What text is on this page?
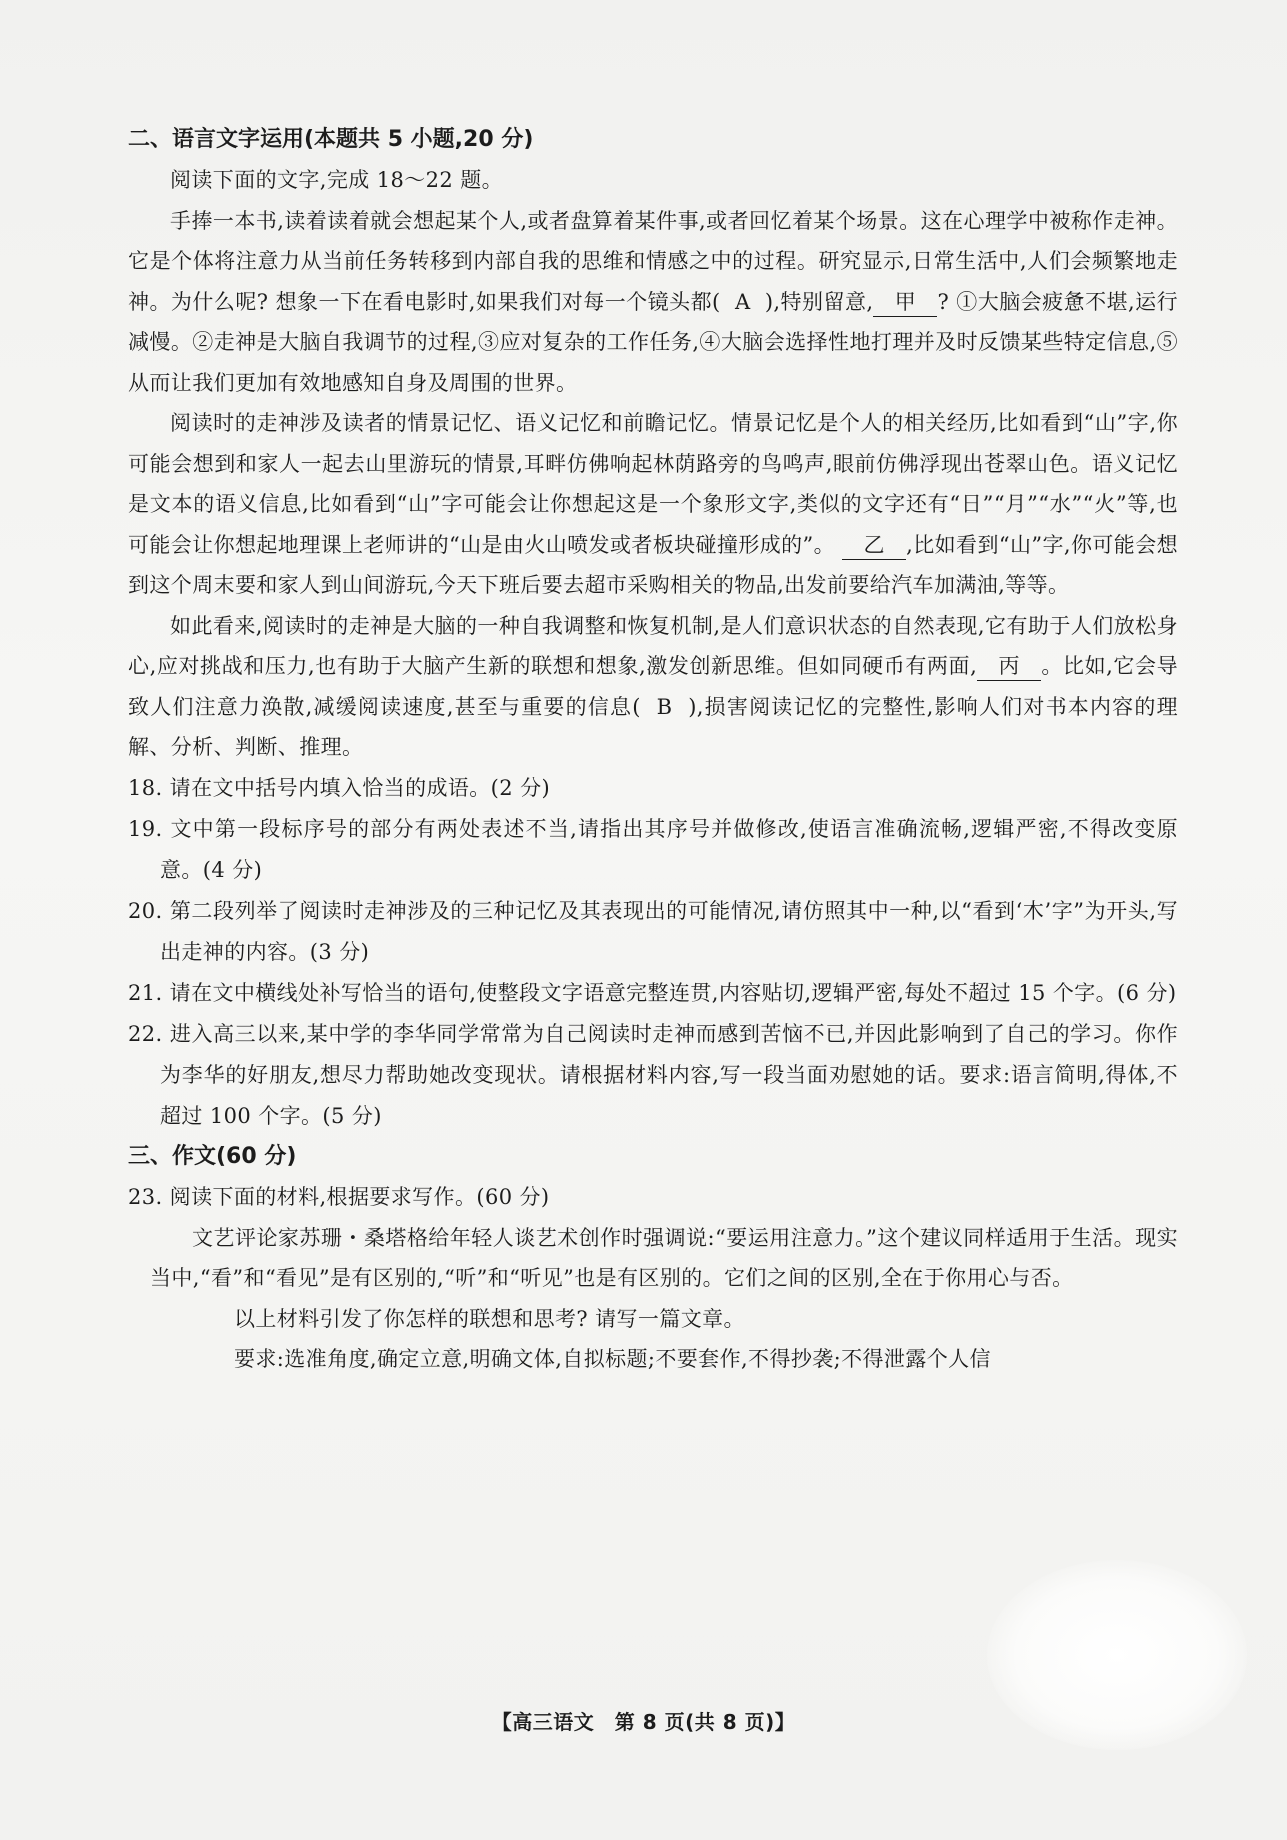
二、语言文字运用(本题共 5 小题,20 分)

阅读下面的文字,完成 18～22 题。

手捧一本书,读着读着就会想起某个人,或者盘算着某件事,或者回忆着某个场景。这在心理学中被称作走神。它是个体将注意力从当前任务转移到内部自我的思维和情感之中的过程。研究显示,日常生活中,人们会频繁地走神。为什么呢? 想象一下在看电影时,如果我们对每一个镜头都( A ),特别留意, 甲 ? ①大脑会疲惫不堪,运行减慢。②走神是大脑自我调节的过程,③应对复杂的工作任务,④大脑会选择性地打理并及时反馈某些特定信息,⑤从而让我们更加有效地感知自身及周围的世界。

阅读时的走神涉及读者的情景记忆、语义记忆和前瞻记忆。情景记忆是个人的相关经历,比如看到“山”字,你可能会想到和家人一起去山里游玩的情景,耳畔仿佛响起林荫路旁的鸟鸣声,眼前仿佛浮现出苍翠山色。语义记忆是文本的语义信息,比如看到“山”字可能会让你想起这是一个象形文字,类似的文字还有“日”“月”“水”“火”等,也可能会让你想起地理课上老师讲的“山是由火山喷发或者板块碰撞形成的”。 乙 ,比如看到“山”字,你可能会想到这个周末要和家人到山间游玩,今天下班后要去超市采购相关的物品,出发前要给汽车加满油,等等。

如此看来,阅读时的走神是大脑的一种自我调整和恢复机制,是人们意识状态的自然表现,它有助于人们放松身心,应对挑战和压力,也有助于大脑产生新的联想和想象,激发创新思维。但如同硬币有两面, 丙 。比如,它会导致人们注意力涣散,减缓阅读速度,甚至与重要的信息( B ),损害阅读记忆的完整性,影响人们对书本内容的理解、分析、判断、推理。

18. 请在文中括号内填入恰当的成语。(2 分)

19. 文中第一段标序号的部分有两处表述不当,请指出其序号并做修改,使语言准确流畅,逻辑严密,不得改变原意。(4 分)

20. 第二段列举了阅读时走神涉及的三种记忆及其表现出的可能情况,请仿照其中一种,以“看到‘木’字”为开头,写出走神的内容。(3 分)

21. 请在文中横线处补写恰当的语句,使整段文字语意完整连贯,内容贴切,逻辑严密,每处不超过 15 个字。(6 分)

22. 进入高三以来,某中学的李华同学常常为自己阅读时走神而感到苦恼不已,并因此影响到了自己的学习。你作为李华的好朋友,想尽力帮助她改变现状。请根据材料内容,写一段当面劝慰她的话。要求:语言简明,得体,不超过 100 个字。(5 分)

三、作文(60 分)

23. 阅读下面的材料,根据要求写作。(60 分)

文艺评论家苏珊・桑塔格给年轻人谈艺术创作时强调说:“要运用注意力。”这个建议同样适用于生活。现实当中,“看”和“看见”是有区别的,“听”和“听见”也是有区别的。它们之间的区别,全在于你用心与否。

以上材料引发了你怎样的联想和思考? 请写一篇文章。

要求:选准角度,确定立意,明确文体,自拟标题;不要套作,不得抄袭;不得泄露个人信

【高三语文　第 8 页(共 8 页)】
